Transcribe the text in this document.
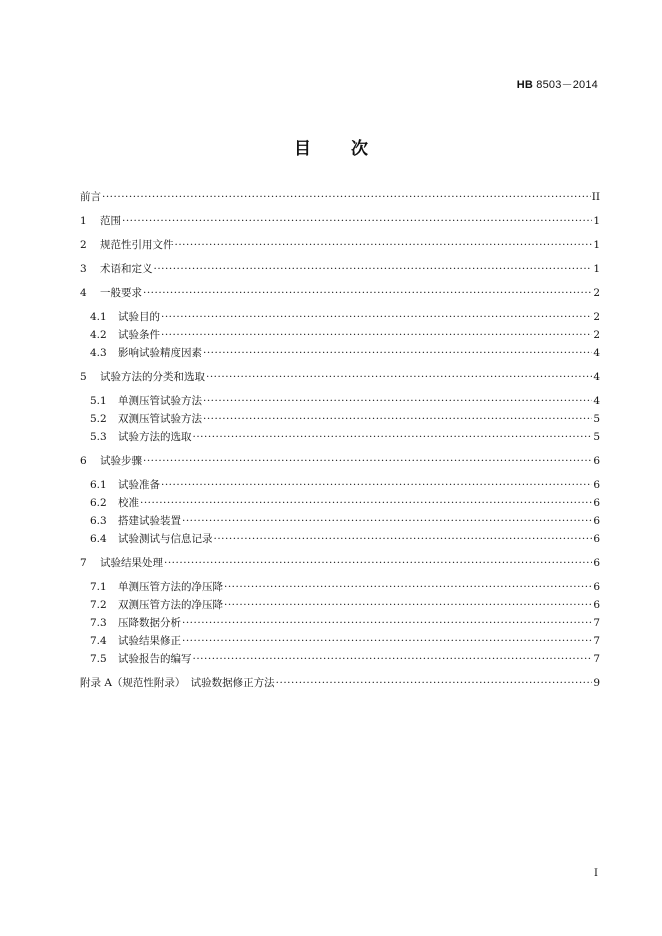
HB 8503－2014
目次
前言 ·····	II
1	范围 ·····	1
2	规范性引用文件 ·····	1
3	术语和定义 ·····	1
4	一般要求 ·····	2
4.1	试验目的 ·····	2
4.2	试验条件 ·····	2
4.3	影响试验精度因素 ·····	4
5	试验方法的分类和选取 ·····	4
5.1	单测压管试验方法 ·····	4
5.2	双测压管试验方法 ·····	5
5.3	试验方法的选取 ·····	5
6	试验步骤 ·····	6
6.1	试验准备 ·····	6
6.2	校准 ·····	6
6.3	搭建试验装置 ·····	6
6.4	试验测试与信息记录 ·····	6
7	试验结果处理 ·····	6
7.1	单测压管方法的净压降 ·····	6
7.2	双测压管方法的净压降 ·····	6
7.3	压降数据分析 ·····	7
7.4	试验结果修正 ·····	7
7.5	试验报告的编写 ·····	7
附录 A（规范性附录）　试验数据修正方法 ·····	9
I
